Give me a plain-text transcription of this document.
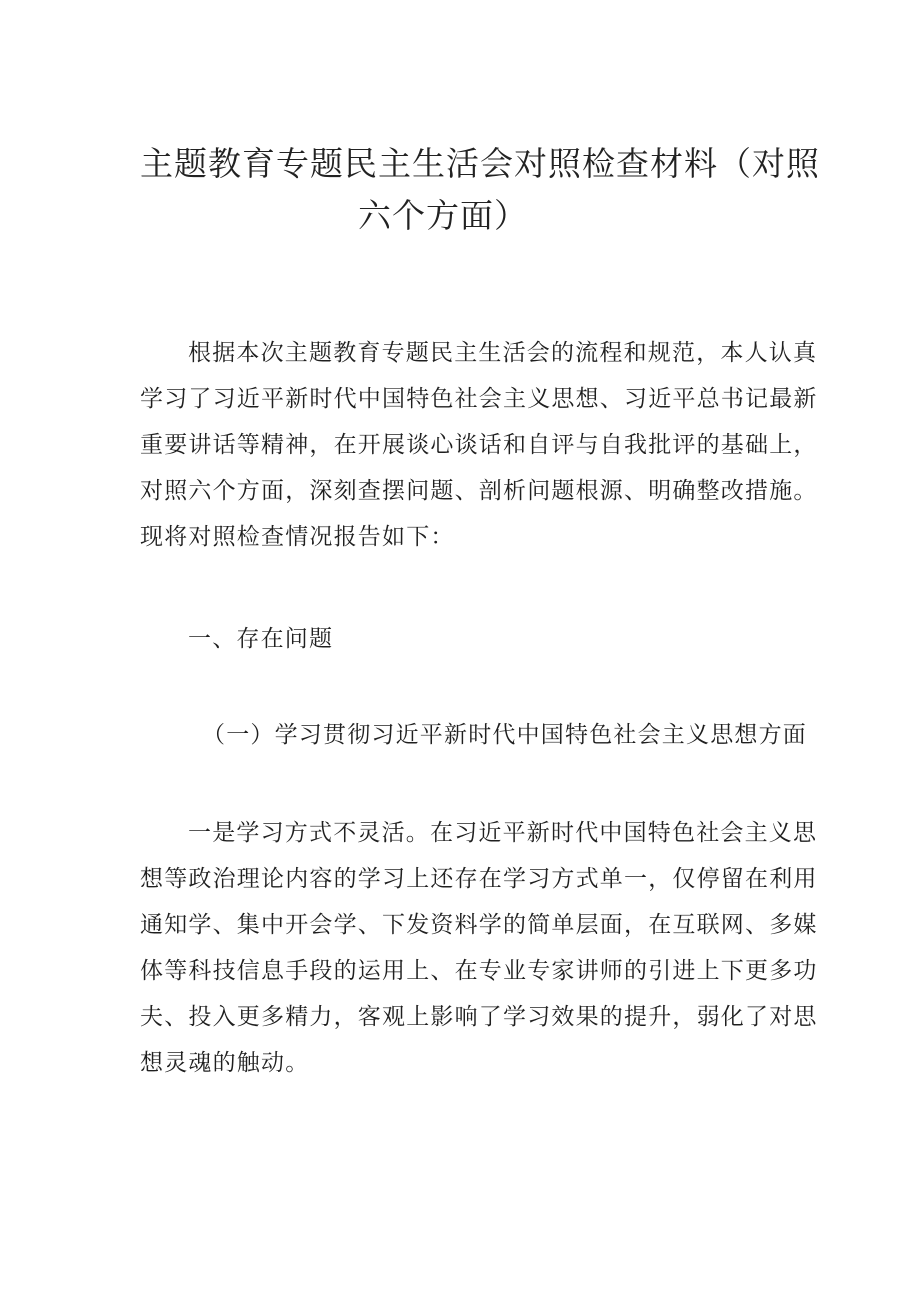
主题教育专题民主生活会对照检查材料（对照
六个方面）
根据本次主题教育专题民主生活会的流程和规范，本人认真
学习了习近平新时代中国特色社会主义思想、习近平总书记最新
重要讲话等精神，在开展谈心谈话和自评与自我批评的基础上，
对照六个方面，深刻查摆问题、剖析问题根源、明确整改措施。
现将对照检查情况报告如下：
一、存在问题
（一）学习贯彻习近平新时代中国特色社会主义思想方面
一是学习方式不灵活。在习近平新时代中国特色社会主义思
想等政治理论内容的学习上还存在学习方式单一，仅停留在利用
通知学、集中开会学、下发资料学的简单层面，在互联网、多媒
体等科技信息手段的运用上、在专业专家讲师的引进上下更多功
夫、投入更多精力，客观上影响了学习效果的提升，弱化了对思
想灵魂的触动。
